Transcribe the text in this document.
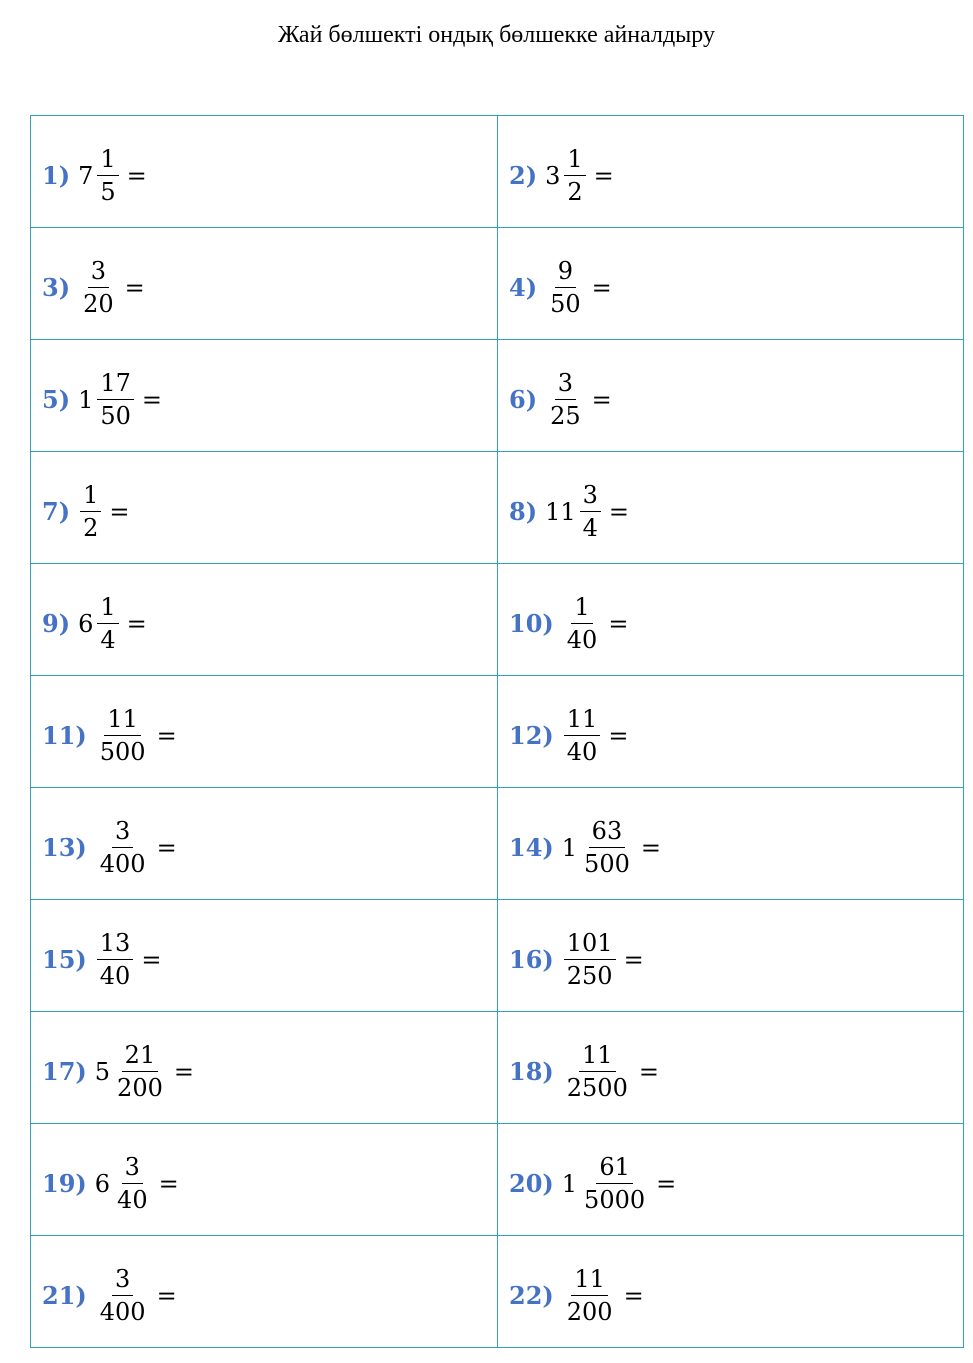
Жай бөлшекті ондық бөлшекке айналдыру
1) $7 \frac{1}{5}$ =	2) $3 \frac{1}{2}$ =

$3) \frac{3}{20}$ =	$4) \frac{9}{50}$ =

5) $1 \frac{17}{50}$ =	$6) \frac{3}{25}$ =

$7) \frac{1}{2}$ =	8) $11 \frac{3}{4}$ =

9) $6 \frac{1}{4}$ =	$10) \frac{1}{40}$ =

$11) \frac{11}{500}$ =	$12) \frac{11}{40}$ =

$13) \frac{3}{400}$ =	14) $1 \frac{63}{500}$ =

$15) \frac{13}{40}$ =	$16) \frac{101}{250}$ =

17) $5 \frac{21}{200}$ =	$18) \frac{11}{2500}$ =

19) $6 \frac{3}{40}$ =	20) $1 \frac{61}{5000}$ =

$21) \frac{3}{400}$ =	$22) \frac{11}{200}$ =
